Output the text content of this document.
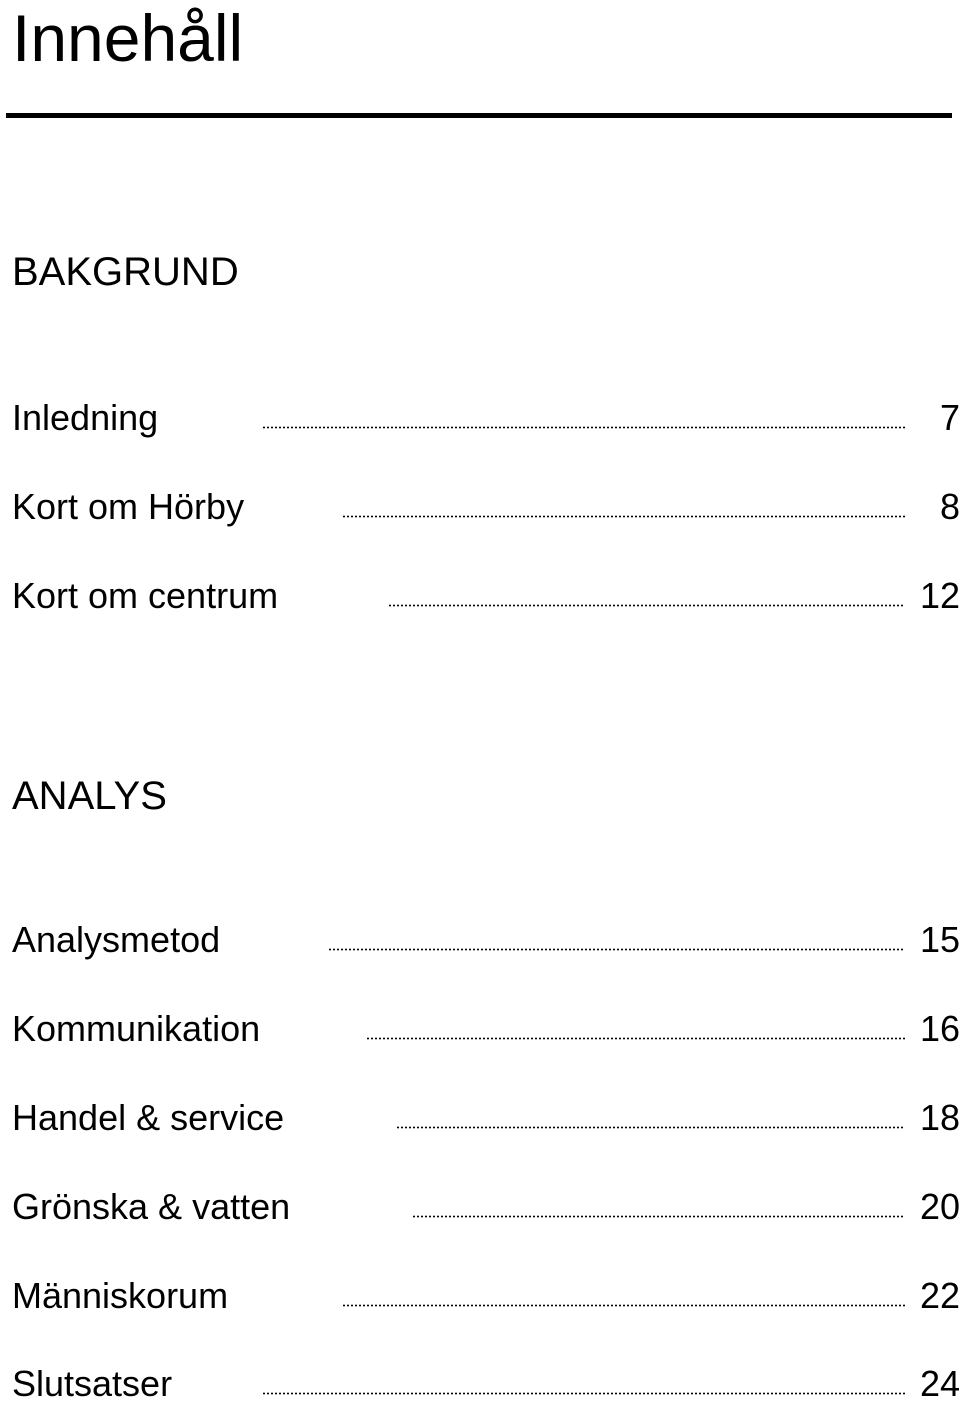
Innehåll
BAKGRUND
Inledning	7
Kort om Hörby	8
Kort om centrum	12
ANALYS
Analysmetod	15
Kommunikation	16
Handel & service	18
Grönska & vatten	20
Människorum	22
Slutsatser	24
